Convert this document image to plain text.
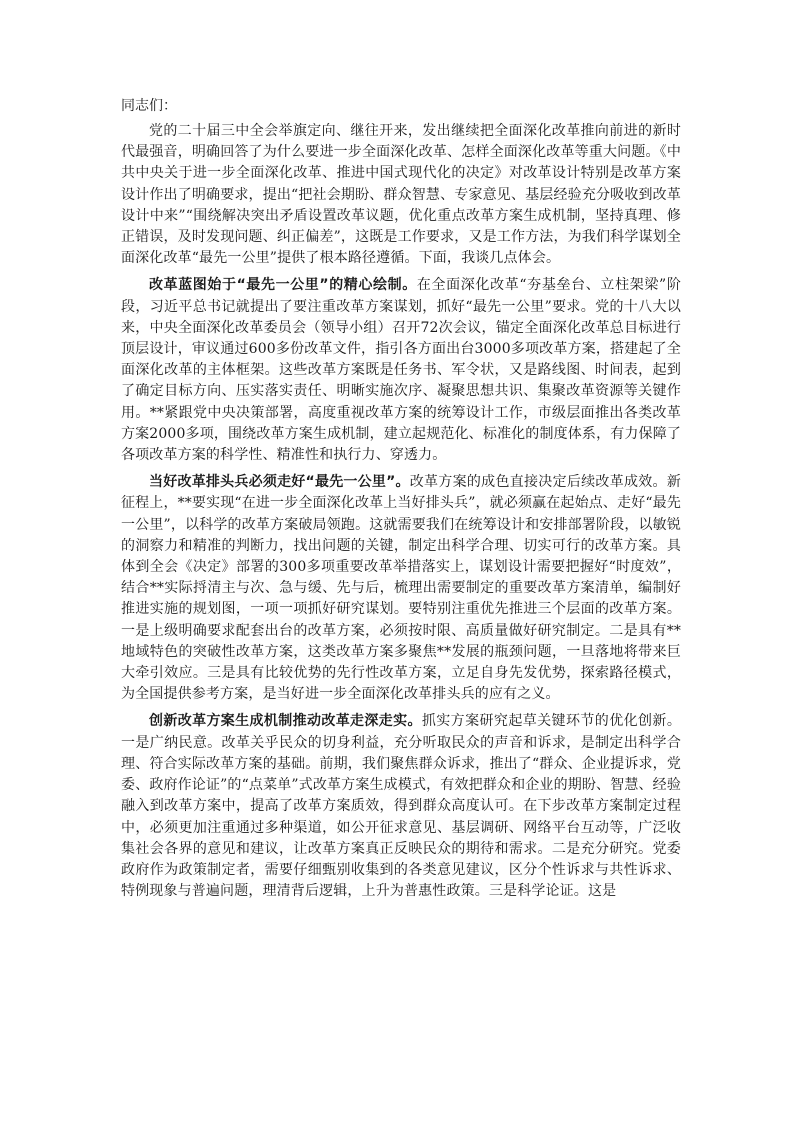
同志们：

党的二十届三中全会举旗定向、继往开来，发出继续把全面深化改革推向前进的新时代最强音，明确回答了为什么要进一步全面深化改革、怎样全面深化改革等重大问题。《中共中央关于进一步全面深化改革、推进中国式现代化的决定》对改革设计特别是改革方案设计作出了明确要求，提出“把社会期盼、群众智慧、专家意见、基层经验充分吸收到改革设计中来”“围绕解决突出矛盾设置改革议题，优化重点改革方案生成机制，坚持真理、修正错误，及时发现问题、纠正偏差”，这既是工作要求，又是工作方法，为我们科学谋划全面深化改革“最先一公里”提供了根本路径遵循。下面，我谈几点体会。

改革蓝图始于“最先一公里”的精心绘制。在全面深化改革“夯基垒台、立柱架梁”阶段，习近平总书记就提出了要注重改革方案谋划，抓好“最先一公里”要求。党的十八大以来，中央全面深化改革委员会（领导小组）召开72次会议，锚定全面深化改革总目标进行顶层设计，审议通过600多份改革文件，指引各方面出台3000多项改革方案，搭建起了全面深化改革的主体框架。这些改革方案既是任务书、军令状，又是路线图、时间表，起到了确定目标方向、压实落实责任、明晰实施次序、凝聚思想共识、集聚改革资源等关键作用。**紧跟党中央决策部署，高度重视改革方案的统筹设计工作，市级层面推出各类改革方案2000多项，围绕改革方案生成机制，建立起规范化、标准化的制度体系，有力保障了各项改革方案的科学性、精准性和执行力、穿透力。

当好改革排头兵必须走好“最先一公里”。改革方案的成色直接决定后续改革成效。新征程上，**要实现“在进一步全面深化改革上当好排头兵”，就必须赢在起始点、走好“最先一公里”，以科学的改革方案破局领跑。这就需要我们在统筹设计和安排部署阶段，以敏锐的洞察力和精准的判断力，找出问题的关键，制定出科学合理、切实可行的改革方案。具体到全会《决定》部署的300多项重要改革举措落实上，谋划设计需要把握好“时度效”，结合**实际捋清主与次、急与缓、先与后，梳理出需要制定的重要改革方案清单，编制好推进实施的规划图，一项一项抓好研究谋划。要特别注重优先推进三个层面的改革方案。一是上级明确要求配套出台的改革方案，必须按时限、高质量做好研究制定。二是具有**地域特色的突破性改革方案，这类改革方案多聚焦**发展的瓶颈问题，一旦落地将带来巨大牵引效应。三是具有比较优势的先行性改革方案，立足自身先发优势，探索路径模式，为全国提供参考方案，是当好进一步全面深化改革排头兵的应有之义。

创新改革方案生成机制推动改革走深走实。抓实方案研究起草关键环节的优化创新。一是广纳民意。改革关乎民众的切身利益，充分听取民众的声音和诉求，是制定出科学合理、符合实际改革方案的基础。前期，我们聚焦群众诉求，推出了“群众、企业提诉求，党委、政府作论证”的“点菜单”式改革方案生成模式，有效把群众和企业的期盼、智慧、经验融入到改革方案中，提高了改革方案质效，得到群众高度认可。在下步改革方案制定过程中，必须更加注重通过多种渠道，如公开征求意见、基层调研、网络平台互动等，广泛收集社会各界的意见和建议，让改革方案真正反映民众的期待和需求。二是充分研究。党委政府作为政策制定者，需要仔细甄别收集到的各类意见建议，区分个性诉求与共性诉求、特例现象与普遍问题，理清背后逻辑，上升为普惠性政策。三是科学论证。这是
